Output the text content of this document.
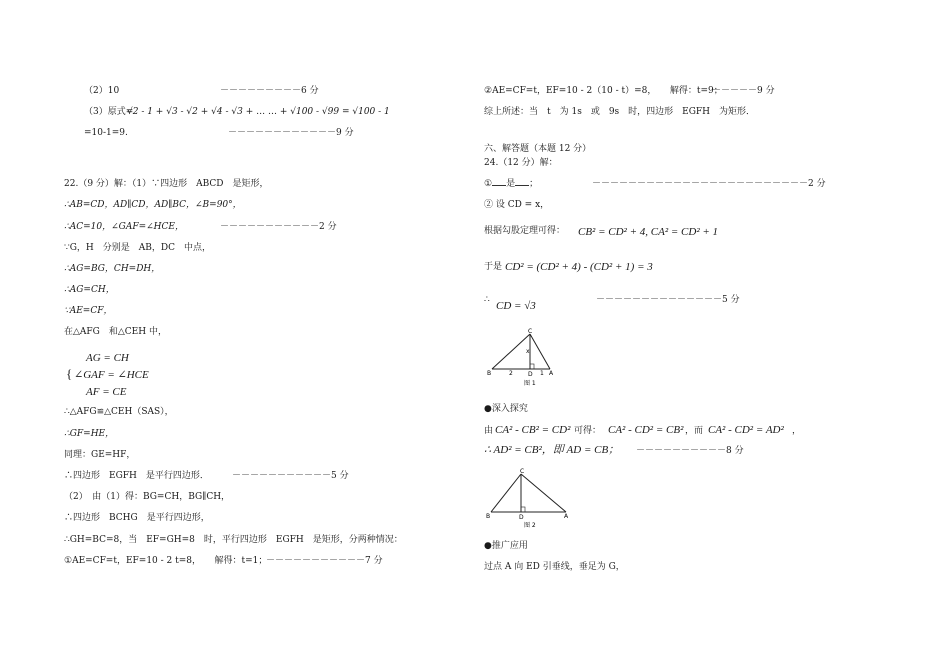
（2）10	－－－－－－－－－6 分
（3）原式=
√2 - 1 + √3 - √2 + √4 - √3 + … … + √100 - √99 = √100 - 1
=10-1=9.	－－－－－－－－－－－－9 分
22.（9 分）解：（1）∵四边形　ABCD　是矩形，
∴AB=CD，AD∥CD，AD∥BC，∠B=90°，
∴AC=10，∠GAF=∠HCE，	－－－－－－－－－－－2 分
∵G，H　分别是　AB，DC　中点，
∴AG=BG，CH=DH，
∴AG=CH，
∵AE=CF，
在△AFG　和△CEH 中，
{
AG = CH
∠GAF = ∠HCE
AF = CE
∴△AFG≌△CEH（SAS），
∴GF=HE，
同理：GE=HF，
∴四边形　EGFH　是平行四边形．	－－－－－－－－－－－5 分
（2）　由（1）得：BG=CH，BG∥CH，
∴四边形　BCHG　是平行四边形，
∴GH=BC=8，当　EF=GH=8　时，平行四边形　EGFH　是矩形，分两种情况：
①AE=CF=t，EF=10 - 2 t=8，　　解得：t=1；
－－－－－－－－－－－7 分
②AE=CF=t，EF=10 - 2（10 - t）=8，　　解得：t=9；
－－－－－9 分
综上所述：当　t　为 1s　或　9s　时，四边形　EGFH　为矩形．
六、解答题（本题 12 分）
24.（12 分）解：
① 是 ；	－－－－－－－－－－－－－－－－－－－－－－－－2 分
② 设 CD = x，
根据勾股定理可得： CB² = CD² + 4, CA² = CD² + 1
于是 CD² = (CD² + 4) - (CD² + 1) = 3
∴ CD = √3	－－－－－－－－－－－－－－5 分
C
B	D	A
2	1
x
图 1
●深入探究
由 CA² - CB² = CD² 可得： CA² - CD² = CB² ，而 CA² - CD² = AD² ，
∴ AD² = CB²，即 AD = CB； －－－－－－－－－－8 分
C
B	D	A
图 2
●推广应用
过点 A 向 ED 引垂线，垂足为 G，
